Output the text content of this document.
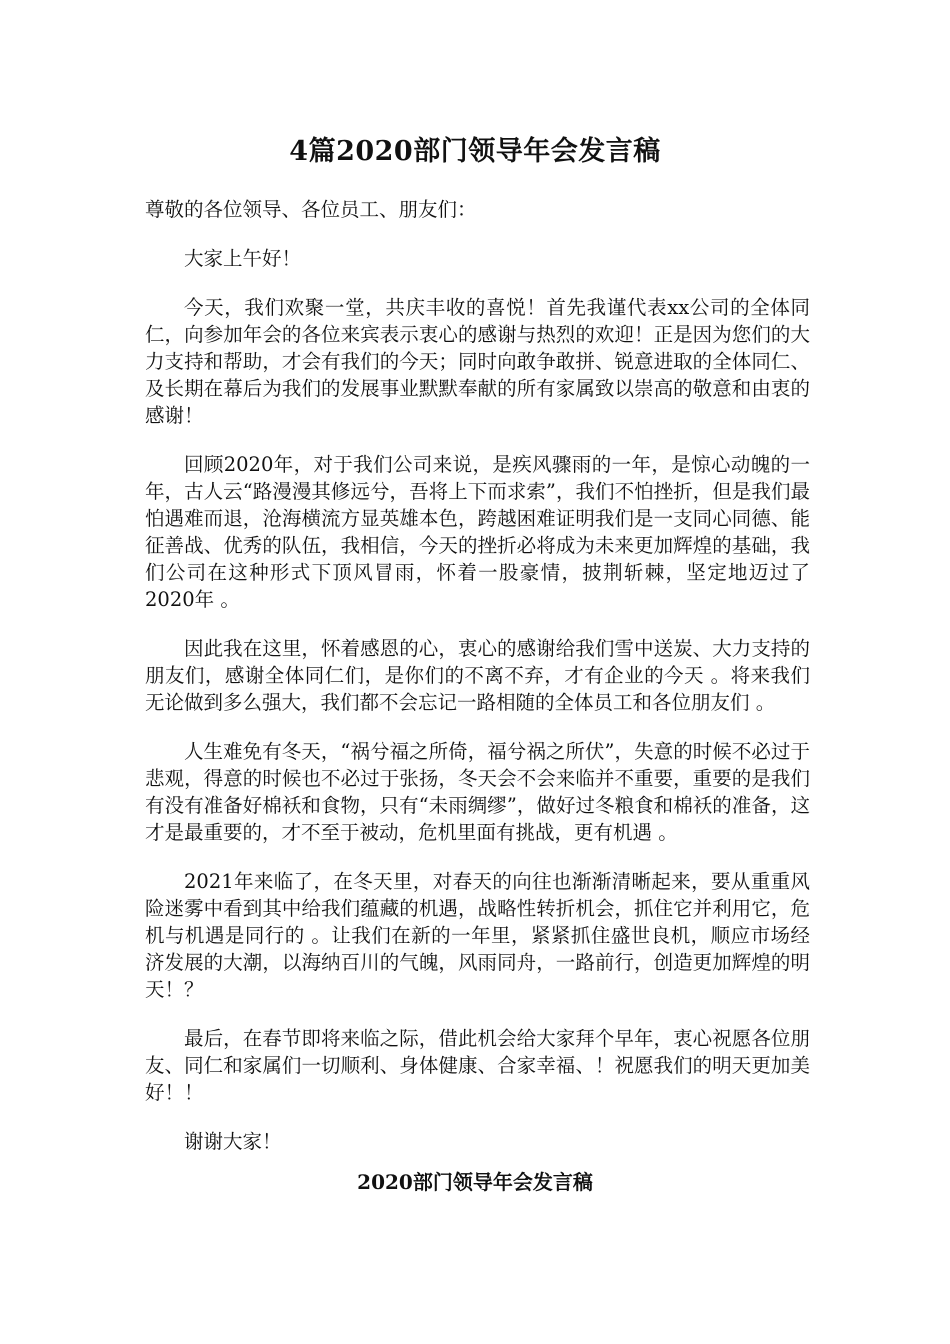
4篇2020部门领导年会发言稿

尊敬的各位领导、各位员工、朋友们：

大家上午好！

今天，我们欢聚一堂，共庆丰收的喜悦！首先我谨代表xx公司的全体同仁，向参加年会的各位来宾表示衷心的感谢与热烈的欢迎！正是因为您们的大力支持和帮助，才会有我们的今天；同时向敢争敢拼、锐意进取的全体同仁、及长期在幕后为我们的发展事业默默奉献的所有家属致以崇高的敬意和由衷的感谢！

回顾2020年，对于我们公司来说，是疾风骤雨的一年，是惊心动魄的一年，古人云“路漫漫其修远兮，吾将上下而求索”，我们不怕挫折，但是我们最怕遇难而退，沧海横流方显英雄本色，跨越困难证明我们是一支同心同德、能征善战、优秀的队伍，我相信，今天的挫折必将成为未来更加辉煌的基础，我们公司在这种形式下顶风冒雨，怀着一股豪情，披荆斩棘，坚定地迈过了2020年 。

因此我在这里，怀着感恩的心，衷心的感谢给我们雪中送炭、大力支持的朋友们，感谢全体同仁们，是你们的不离不弃，才有企业的今天 。将来我们无论做到多么强大，我们都不会忘记一路相随的全体员工和各位朋友们 。

人生难免有冬天，“祸兮福之所倚，福兮祸之所伏”，失意的时候不必过于悲观，得意的时候也不必过于张扬，冬天会不会来临并不重要，重要的是我们有没有准备好棉袄和食物，只有“未雨绸缪”，做好过冬粮食和棉袄的准备，这才是最重要的，才不至于被动，危机里面有挑战，更有机遇 。

2021年来临了，在冬天里，对春天的向往也渐渐清晰起来，要从重重风险迷雾中看到其中给我们蕴藏的机遇，战略性转折机会，抓住它并利用它，危机与机遇是同行的 。让我们在新的一年里，紧紧抓住盛世良机，顺应市场经济发展的大潮，以海纳百川的气魄，风雨同舟，一路前行，创造更加辉煌的明天！？

最后，在春节即将来临之际，借此机会给大家拜个早年，衷心祝愿各位朋友、同仁和家属们一切顺利、身体健康、合家幸福、！祝愿我们的明天更加美好！！

谢谢大家！

2020部门领导年会发言稿
